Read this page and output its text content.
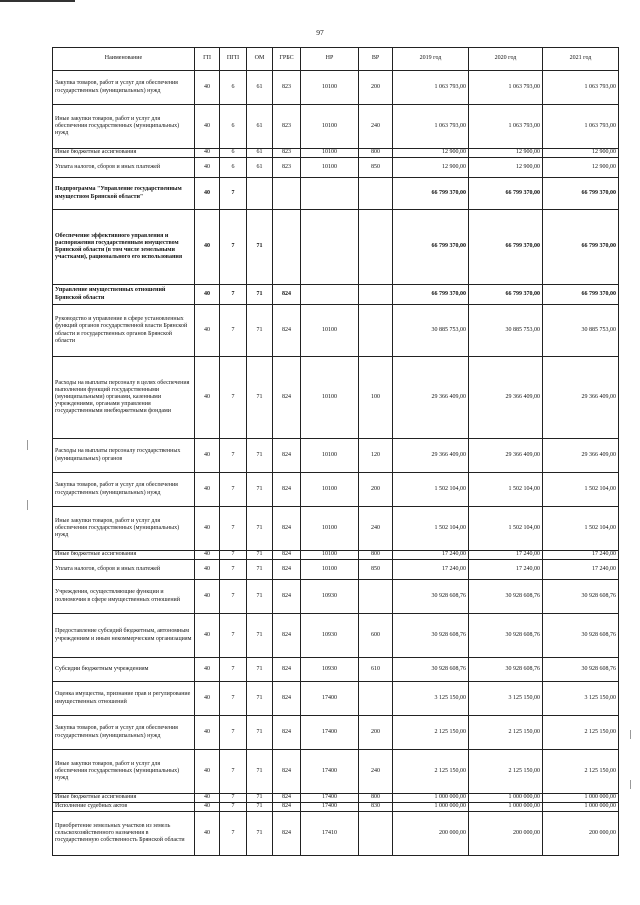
97
Наименование	ГП	ПГП	ОМ	ГРБС	НР	ВР	2019 год	2020 год	2021 год
Закупка товаров, работ и услуг для обеспечения государственных (муниципальных) нужд	40	6	61	823	10100	200	1 063 793,00	1 063 793,00	1 063 793,00
Иные закупки товаров, работ и услуг для обеспечения государственных (муниципальных) нужд	40	6	61	823	10100	240	1 063 793,00	1 063 793,00	1 063 793,00
Иные бюджетные ассигнования	40	6	61	823	10100	800	12 900,00	12 900,00	12 900,00
Уплата налогов, сборов и иных платежей	40	6	61	823	10100	850	12 900,00	12 900,00	12 900,00
Подпрограмма "Управление государственным имуществом Брянской области"	40	7					66 799 370,00	66 799 370,00	66 799 370,00
Обеспечение эффективного управления и распоряжения государственным имуществом Брянской области (в том числе земельными участками), рационального его использования	40	7	71				66 799 370,00	66 799 370,00	66 799 370,00
Управление имущественных отношений Брянской области	40	7	71	824			66 799 370,00	66 799 370,00	66 799 370,00
Руководство и управление в сфере установленных функций органов государственной власти Брянской области и государственных органов Брянской области	40	7	71	824	10100		30 885 753,00	30 885 753,00	30 885 753,00
Расходы на выплаты персоналу в целях обеспечения выполнения функций государственными (муниципальными) органами, казенными учреждениями, органами управления государственными внебюджетными фондами	40	7	71	824	10100	100	29 366 409,00	29 366 409,00	29 366 409,00
Расходы на выплаты персоналу государственных (муниципальных) органов	40	7	71	824	10100	120	29 366 409,00	29 366 409,00	29 366 409,00
Закупка товаров, работ и услуг для обеспечения государственных (муниципальных) нужд	40	7	71	824	10100	200	1 502 104,00	1 502 104,00	1 502 104,00
Иные закупки товаров, работ и услуг для обеспечения государственных (муниципальных) нужд	40	7	71	824	10100	240	1 502 104,00	1 502 104,00	1 502 104,00
Иные бюджетные ассигнования	40	7	71	824	10100	800	17 240,00	17 240,00	17 240,00
Уплата налогов, сборов и иных платежей	40	7	71	824	10100	850	17 240,00	17 240,00	17 240,00
Учреждения, осуществляющие функции и полномочия в сфере имущественных отношений	40	7	71	824	10930		30 928 608,76	30 928 608,76	30 928 608,76
Предоставление субсидий бюджетным, автономным учреждениям и иным некоммерческим организациям	40	7	71	824	10930	600	30 928 608,76	30 928 608,76	30 928 608,76
Субсидии бюджетным учреждениям	40	7	71	824	10930	610	30 928 608,76	30 928 608,76	30 928 608,76
Оценка имущества, признание прав и регулирование имущественных отношений	40	7	71	824	17400		3 125 150,00	3 125 150,00	3 125 150,00
Закупка товаров, работ и услуг для обеспечения государственных (муниципальных) нужд	40	7	71	824	17400	200	2 125 150,00	2 125 150,00	2 125 150,00
Иные закупки товаров, работ и услуг для обеспечения государственных (муниципальных) нужд	40	7	71	824	17400	240	2 125 150,00	2 125 150,00	2 125 150,00
Иные бюджетные ассигнования	40	7	71	824	17400	800	1 000 000,00	1 000 000,00	1 000 000,00
Исполнение судебных актов	40	7	71	824	17400	830	1 000 000,00	1 000 000,00	1 000 000,00
Приобретение земельных участков из земель сельскохозяйственного назначения в государственную собственность Брянской области	40	7	71	824	17410		200 000,00	200 000,00	200 000,00
